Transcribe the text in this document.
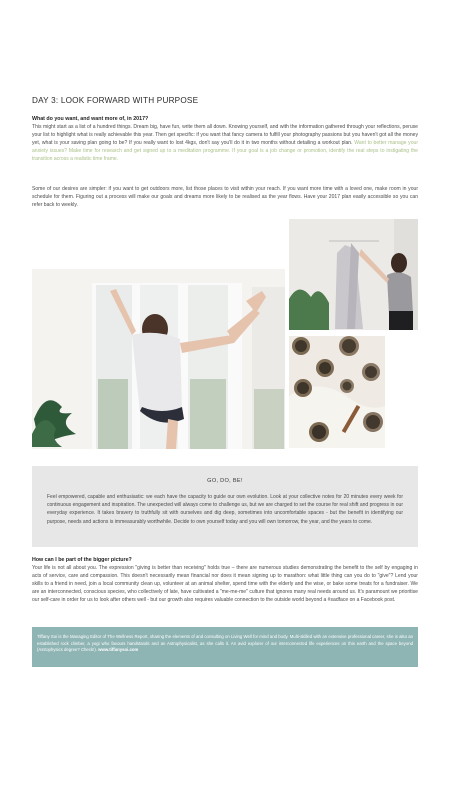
DAY 3: LOOK FORWARD WITH PURPOSE
What do you want, and want more of, in 2017?
This might start as a list of a hundred things. Dream big, have fun, write them all down. Knowing yourself, and with the information gathered through your reflections, peruse your list to highlight what is really achievable this year. Then get specific: if you want that fancy camera to fulfill your photography passions but you haven't got all the money yet, what is your saving plan going to be? If you really want to lost 4kgs, don't say you'll do it in two months without detailing a workout plan. Want to better manage your anxiety issues? Make time for research and get signed up to a meditation programme. If your goal is a job change or promotion, identify the real steps to instigating the transition across a realistic time frame.
Some of our desires are simpler: if you want to get outdoors more, list those places to visit within your reach. If you want more time with a loved one, make room in your schedule for them. Figuring out a process will make our goals and dreams more likely to be realised as the year flows. Have your 2017 plan easily accessible so you can refer back to weekly.
GO, DO, BE!
Feel empowered, capable and enthusiastic: we each have the capacity to guide our own evolution. Look at your collective notes for 20 minutes every week for continuous engagement and inspiration. The unexpected will always come to challenge us, but we are charged to set the course for real shift and progress in our everyday experience. It takes bravery to truthfully sit with ourselves and dig deep, sometimes into uncomfortable spaces - but the benefit in identifying our purpose, needs and actions is immeasurably worthwhile. Decide to own yourself today and you will own tomorrow, the year, and the years to come.
How can I be part of the bigger picture?
Your life is not all about you. The expression "giving is better than receiving" holds true – there are numerous studies demonstrating the benefit to the self by engaging in acts of service, care and compassion. This doesn't necessarily mean financial nor does it mean signing up to marathon: what little thing can you do to "give"? Lend your skills to a friend in need, join a local community clean up, volunteer at an animal shelter, spend time with the elderly and the wise, or bake some treats for a fundraiser. We are an interconnected, conscious species, who collectively of late, have cultivated a "me-me-me" culture that ignores many real needs around us. It's paramount we prioritise our self-care in order for us to look after others well - but our growth also requires valuable connection to the outside world beyond a #sadface on a Facebook post.
Tiffany Soi is the Managing Editor of The Wellness Report, sharing the elements of and consulting on Living Well for mind and body. Multi-skilled with an extensive professional career, she is also an established rock climber, a yogi who favours handstands and an Astrophysicalist, as she calls it. An avid explorer of our interconnected life experiences on this earth and the space beyond (Astrophysics degree? Check!). www.tiffanysoi.com
